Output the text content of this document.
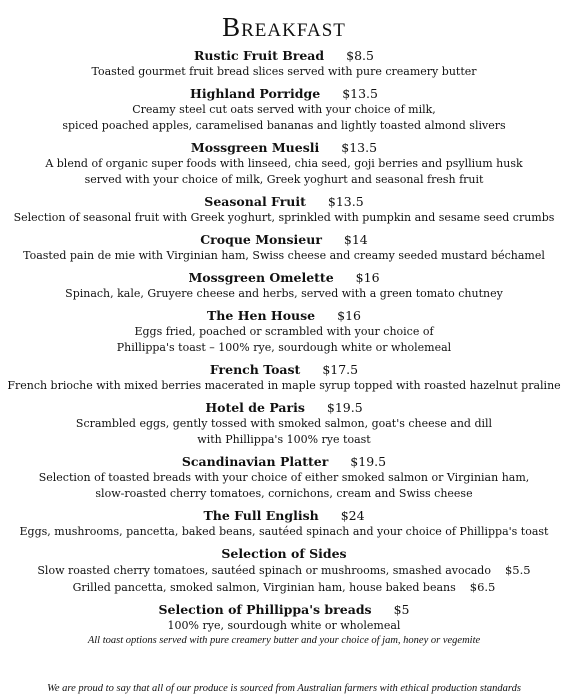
Breakfast
Rustic Fruit Bread $8.5
Toasted gourmet fruit bread slices served with pure creamery butter
Highland Porridge $13.5
Creamy steel cut oats served with your choice of milk,
spiced poached apples, caramelised bananas and lightly toasted almond slivers
Mossgreen Muesli $13.5
A blend of organic super foods with linseed, chia seed, goji berries and psyllium husk
served with your choice of milk, Greek yoghurt and seasonal fresh fruit
Seasonal Fruit $13.5
Selection of seasonal fruit with Greek yoghurt, sprinkled with pumpkin and sesame seed crumbs
Croque Monsieur $14
Toasted pain de mie with Virginian ham, Swiss cheese and creamy seeded mustard béchamel
Mossgreen Omelette $16
Spinach, kale, Gruyere cheese and herbs, served with a green tomato chutney
The Hen House $16
Eggs fried, poached or scrambled with your choice of
Phillippa's toast – 100% rye, sourdough white or wholemeal
French Toast $17.5
French brioche with mixed berries macerated in maple syrup topped with roasted hazelnut praline
Hotel de Paris $19.5
Scrambled eggs, gently tossed with smoked salmon, goat's cheese and dill
with Phillippa's 100% rye toast
Scandinavian Platter $19.5
Selection of toasted breads with your choice of either smoked salmon or Virginian ham,
slow-roasted cherry tomatoes, cornichons, cream and Swiss cheese
The Full English $24
Eggs, mushrooms, pancetta, baked beans, sautéed spinach and your choice of Phillippa's toast
Selection of Sides
Slow roasted cherry tomatoes, sautéed spinach or mushrooms, smashed avocado $5.5
Grilled pancetta, smoked salmon, Virginian ham, house baked beans $6.5
Selection of Phillippa's breads $5
100% rye, sourdough white or wholemeal
All toast options served with pure creamery butter and your choice of jam, honey or vegemite
We are proud to say that all of our produce is sourced from Australian farmers with ethical production standards
